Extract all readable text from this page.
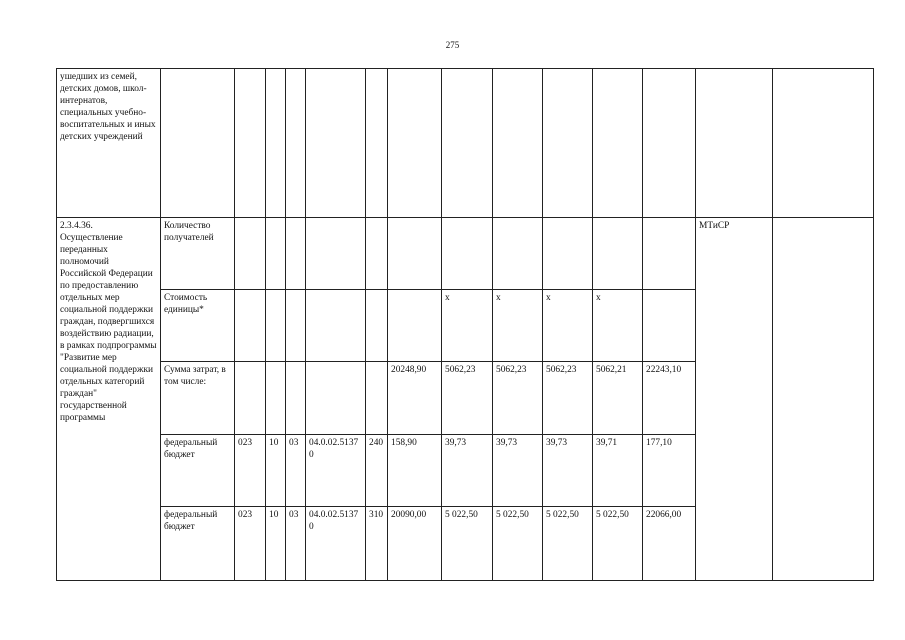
275
ушедших из семей, детских домов, школ-интернатов, специальных учебно-воспитательных и иных детских учреждений														
2.3.4.36. Осуществление переданных полномочий Российской Федерации по предоставлению отдельных мер социальной поддержки граждан, подвергшихся воздействию радиации, в рамках подпрограммы "Развитие мер социальной поддержки отдельных категорий граждан" государственной программы	Количество получателей												МТиСР	
	Стоимость единицы*							х	х	х	х			
	Сумма затрат, в том числе:						20248,90	5062,23	5062,23	5062,23	5062,21	22243,10		
	федеральный бюджет	023	10	03	04.0.02.51370	240	158,90	39,73	39,73	39,73	39,71	177,10		
	федеральный бюджет	023	10	03	04.0.02.51370	310	20090,00	5 022,50	5 022,50	5 022,50	5 022,50	22066,00		
